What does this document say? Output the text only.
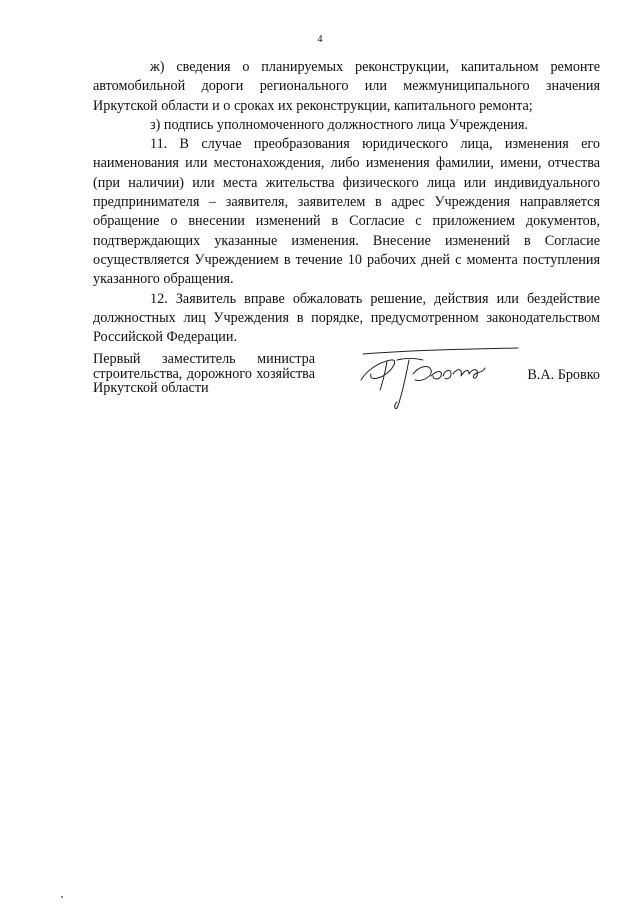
4

ж) сведения о планируемых реконструкции, капитальном ремонте автомобильной дороги регионального или межмуниципального значения Иркутской области и о сроках их реконструкции, капитального ремонта;

з) подпись уполномоченного должностного лица Учреждения.

11. В случае преобразования юридического лица, изменения его наименования или местонахождения, либо изменения фамилии, имени, отчества (при наличии) или места жительства физического лица или индивидуального предпринимателя – заявителя, заявителем в адрес Учреждения направляется обращение о внесении изменений в Согласие с приложением документов, подтверждающих указанные изменения. Внесение изменений в Согласие осуществляется Учреждением в течение 10 рабочих дней с момента поступления указанного обращения.

12. Заявитель вправе обжаловать решение, действия или бездействие должностных лиц Учреждения в порядке, предусмотренном законодательством Российской Федерации.

Первый заместитель министра
строительства, дорожного хозяйства
Иркутской области
В.А. Бровко
